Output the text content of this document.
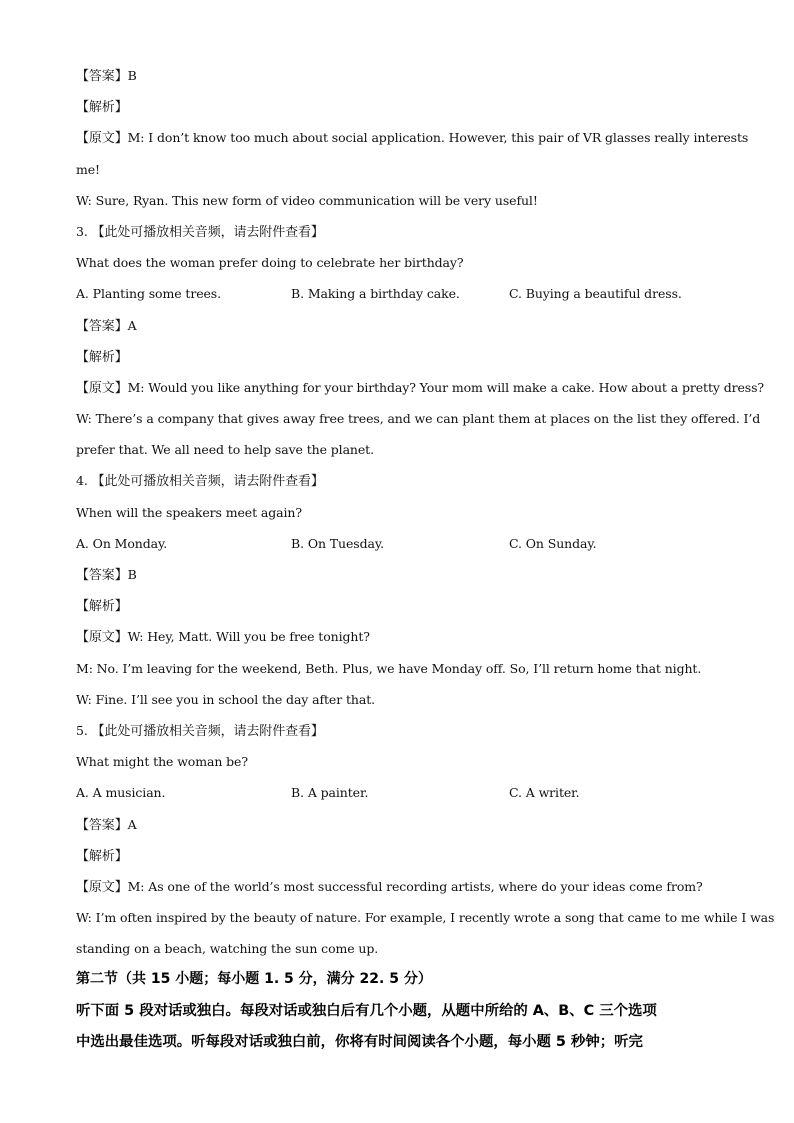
【答案】B
【解析】
【原文】M: I don’t know too much about social application. However, this pair of VR glasses really interests
me!
W: Sure, Ryan. This new form of video communication will be very useful!
3. 【此处可播放相关音频，请去附件查看】
What does the woman prefer doing to celebrate her birthday?
A. Planting some trees.	B. Making a birthday cake.	C. Buying a beautiful dress.
【答案】A
【解析】
【原文】M: Would you like anything for your birthday? Your mom will make a cake. How about a pretty dress?
W: There’s a company that gives away free trees, and we can plant them at places on the list they offered. I’d
prefer that. We all need to help save the planet.
4. 【此处可播放相关音频，请去附件查看】
When will the speakers meet again?
A. On Monday.	B. On Tuesday.	C. On Sunday.
【答案】B
【解析】
【原文】W: Hey, Matt. Will you be free tonight?
M: No. I’m leaving for the weekend, Beth. Plus, we have Monday off. So, I’ll return home that night.
W: Fine. I’ll see you in school the day after that.
5. 【此处可播放相关音频，请去附件查看】
What might the woman be?
A. A musician.	B. A painter.	C. A writer.
【答案】A
【解析】
【原文】M: As one of the world’s most successful recording artists, where do your ideas come from?
W: I’m often inspired by the beauty of nature. For example, I recently wrote a song that came to me while I was
standing on a beach, watching the sun come up.
第二节（共 15 小题；每小题 1. 5 分，满分 22. 5 分）
听下面 5 段对话或独白。每段对话或独白后有几个小题，从题中所给的 A、B、C 三个选项
中选出最佳选项。听每段对话或独白前，你将有时间阅读各个小题，每小题 5 秒钟；听完
